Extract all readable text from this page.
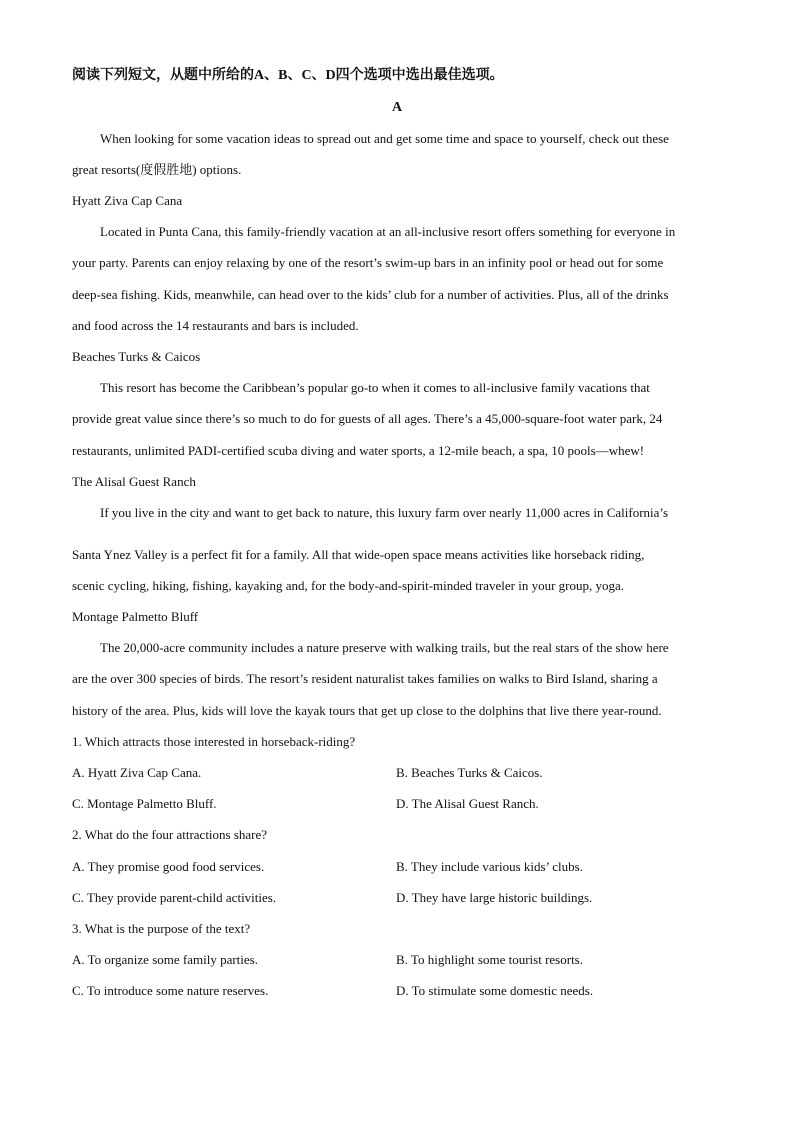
阅读下列短文，从题中所给的A、B、C、D四个选项中选出最佳选项。
A
When looking for some vacation ideas to spread out and get some time and space to yourself, check out these
great resorts(度假胜地) options.
Hyatt Ziva Cap Cana
Located in Punta Cana, this family-friendly vacation at an all-inclusive resort offers something for everyone in
your party. Parents can enjoy relaxing by one of the resort’s swim-up bars in an infinity pool or head out for some
deep-sea fishing. Kids, meanwhile, can head over to the kids’ club for a number of activities. Plus, all of the drinks
and food across the 14 restaurants and bars is included.
Beaches Turks & Caicos
This resort has become the Caribbean’s popular go-to when it comes to all-inclusive family vacations that
provide great value since there’s so much to do for guests of all ages. There’s a 45,000-square-foot water park, 24
restaurants, unlimited PADI-certified scuba diving and water sports, a 12-mile beach, a spa, 10 pools—whew!
The Alisal Guest Ranch
If you live in the city and want to get back to nature, this luxury farm over nearly 11,000 acres in California’s
Santa Ynez Valley is a perfect fit for a family. All that wide-open space means activities like horseback riding,
scenic cycling, hiking, fishing, kayaking and, for the body-and-spirit-minded traveler in your group, yoga.
Montage Palmetto Bluff
The 20,000-acre community includes a nature preserve with walking trails, but the real stars of the show here
are the over 300 species of birds. The resort’s resident naturalist takes families on walks to Bird Island, sharing a
history of the area. Plus, kids will love the kayak tours that get up close to the dolphins that live there year-round.
1. Which attracts those interested in horseback-riding?
A. Hyatt Ziva Cap Cana.	B. Beaches Turks & Caicos.
C. Montage Palmetto Bluff.	D. The Alisal Guest Ranch.
2. What do the four attractions share?
A. They promise good food services.	B. They include various kids’ clubs.
C. They provide parent-child activities.	D. They have large historic buildings.
3. What is the purpose of the text?
A. To organize some family parties.	B. To highlight some tourist resorts.
C. To introduce some nature reserves.	D. To stimulate some domestic needs.
